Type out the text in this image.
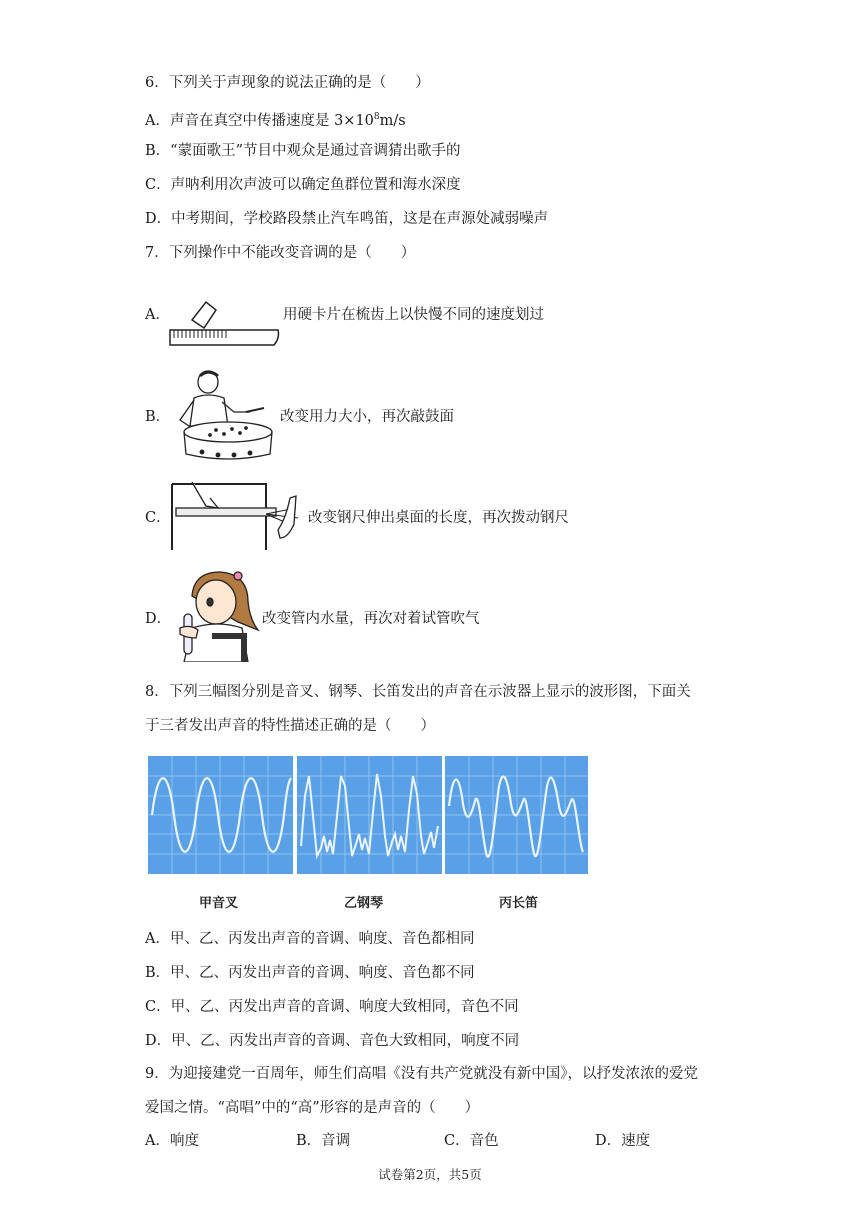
6．下列关于声现象的说法正确的是（　　）
A．声音在真空中传播速度是 $3\times 10^8m/s$
B．“蒙面歌王”节目中观众是通过音调猜出歌手的
C．声呐利用次声波可以确定鱼群位置和海水深度
D．中考期间，学校路段禁止汽车鸣笛，这是在声源处减弱噪声
7．下列操作中不能改变音调的是（　　）
A．	用硬卡片在梳齿上以快慢不同的速度划过
B．	改变用力大小，再次敲鼓面
C．	改变钢尺伸出桌面的长度，再次拨动钢尺
D．	改变管内水量，再次对着试管吹气
8．下列三幅图分别是音叉、钢琴、长笛发出的声音在示波器上显示的波形图，下面关
于三者发出声音的特性描述正确的是（　　）
甲音叉	乙钢琴	丙长笛
A．甲、乙、丙发出声音的音调、响度、音色都相同
B．甲、乙、丙发出声音的音调、响度、音色都不同
C．甲、乙、丙发出声音的音调、响度大致相同，音色不同
D．甲、乙、丙发出声音的音调、音色大致相同，响度不同
9．为迎接建党一百周年，师生们高唱《没有共产党就没有新中国》，以抒发浓浓的爱党
爱国之情。“高唱”中的“高”形容的是声音的（　　）
A．响度	B．音调	C．音色	D．速度
试卷第2页，共5页
